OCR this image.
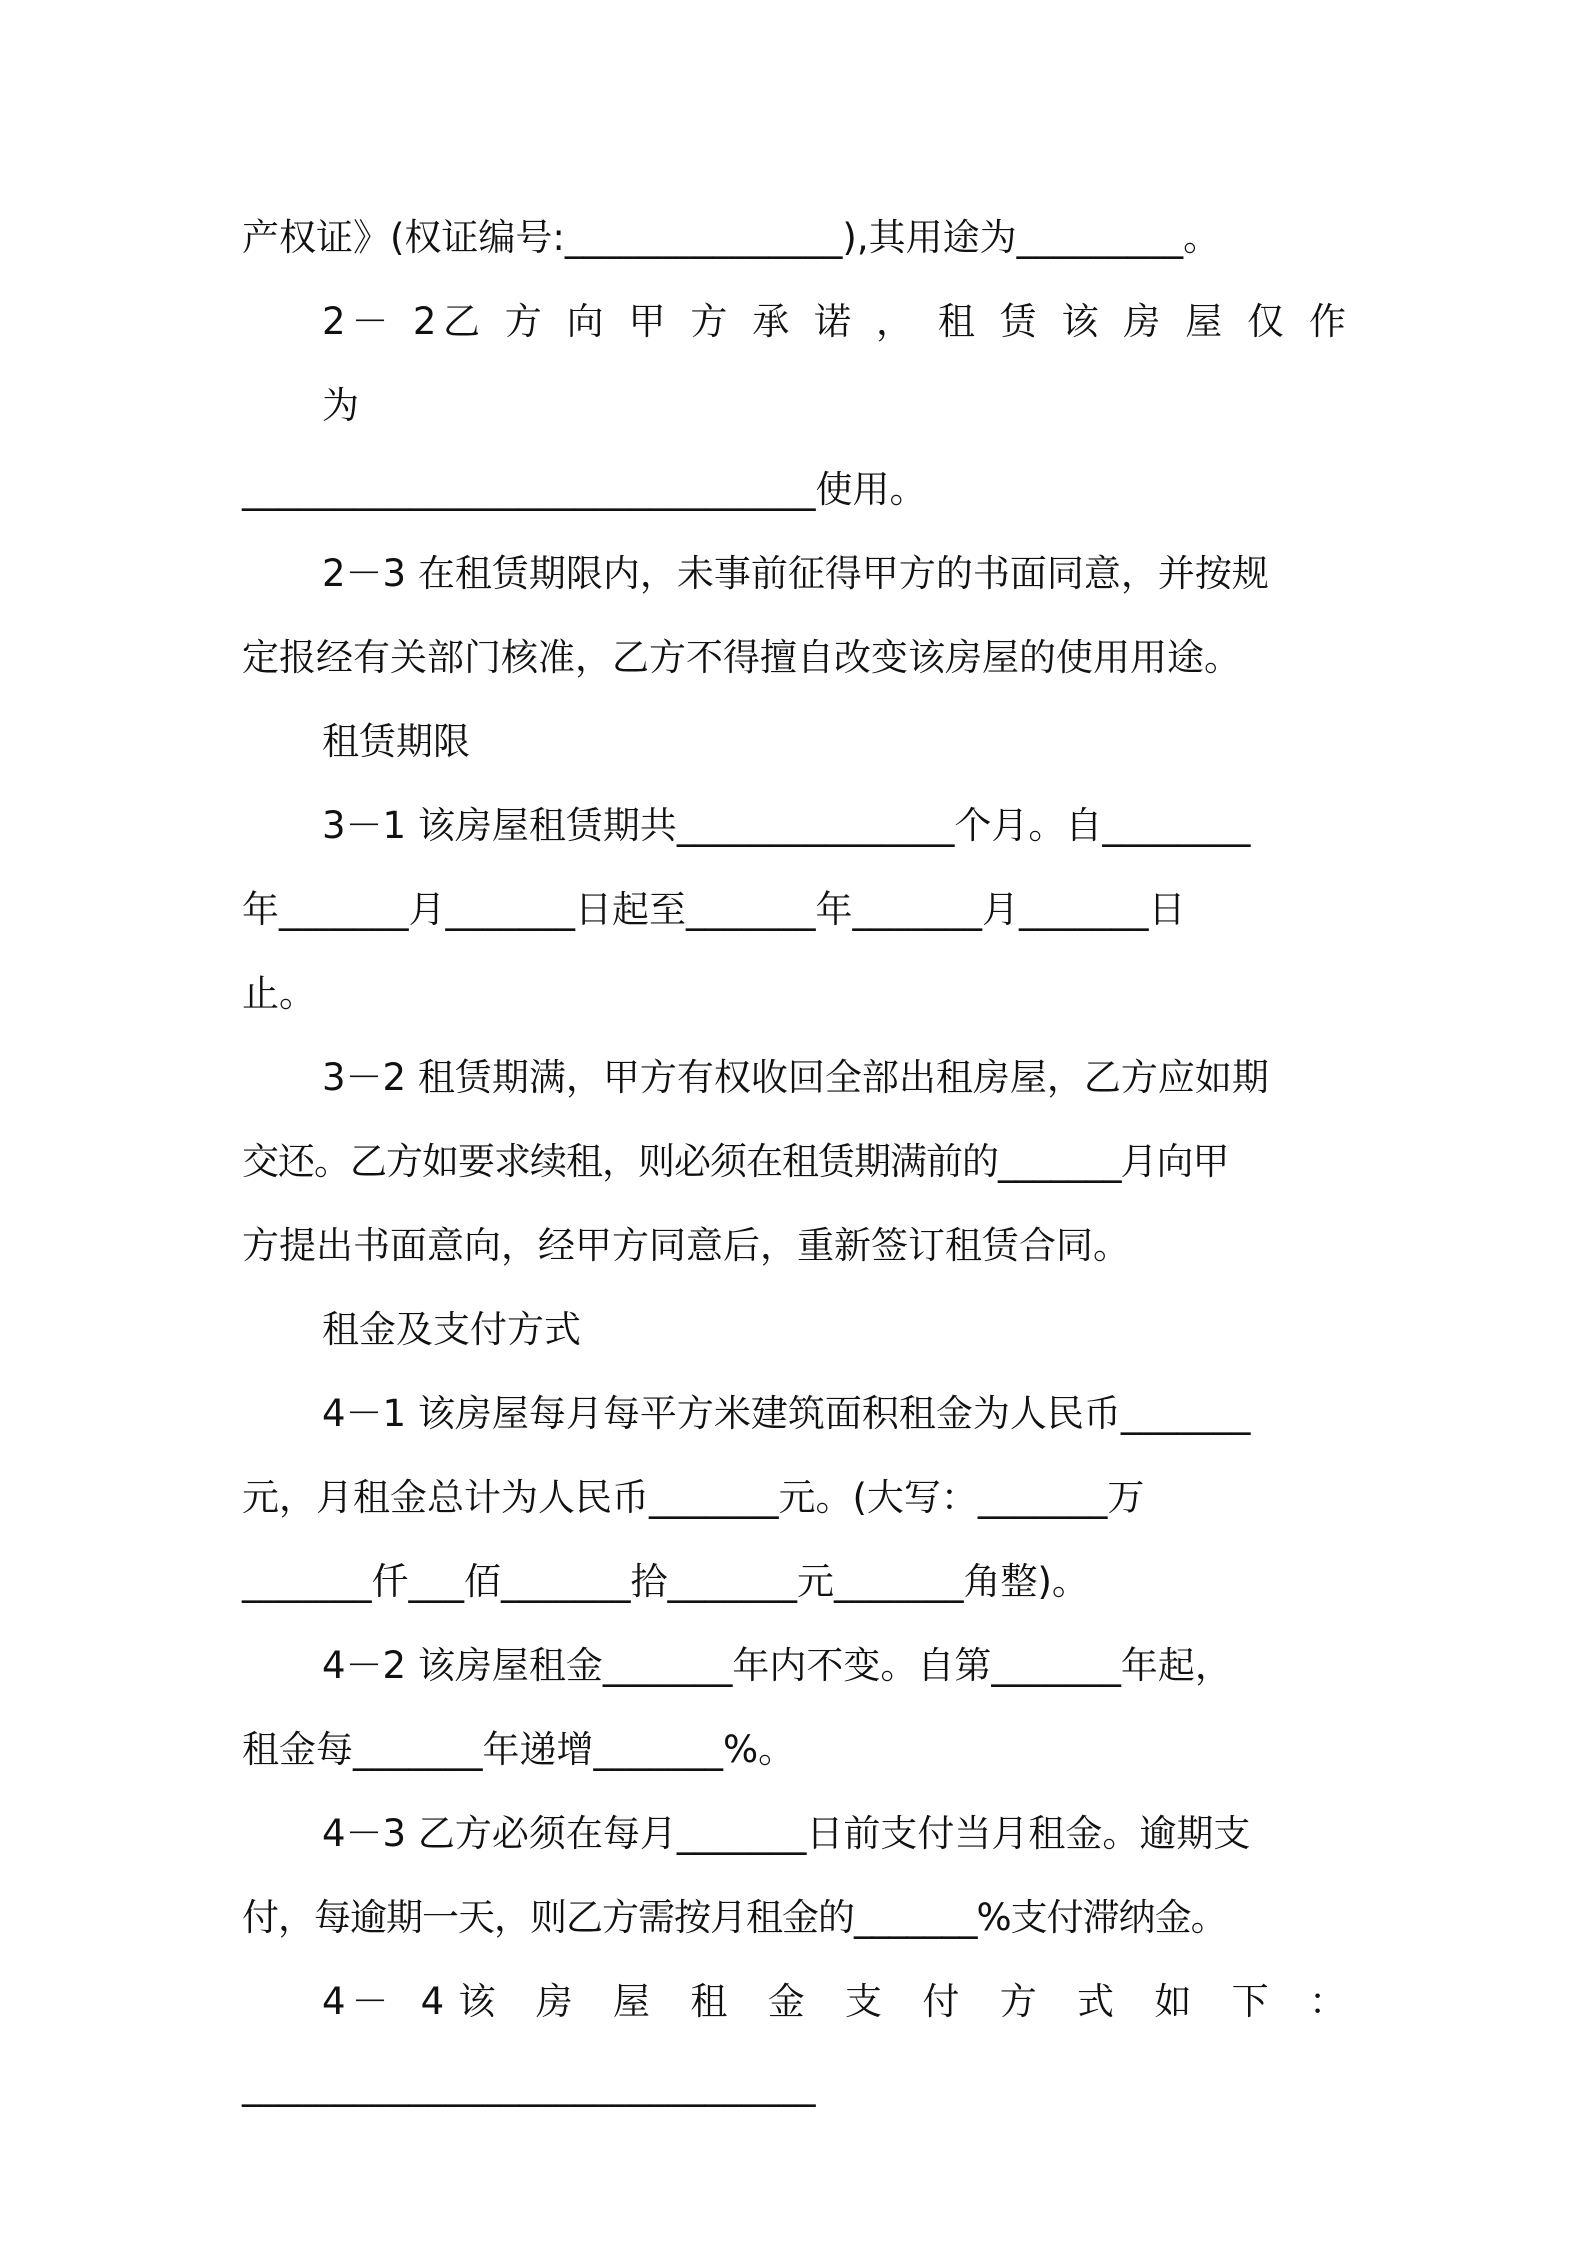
产权证》(权证编号:_______________),其用途为_________。

2－ 2乙 方 向 甲 方 承 诺 ， 租 赁 该 房 屋 仅 作 为

_______________________________使用。

2－3 在租赁期限内，未事前征得甲方的书面同意，并按规

定报经有关部门核准，乙方不得擅自改变该房屋的使用用途。

租赁期限

3－1 该房屋租赁期共_______________个月。自________

年_______月_______日起至_______年_______月_______日

止。

3－2 租赁期满，甲方有权收回全部出租房屋，乙方应如期

交还。乙方如要求续租，则必须在租赁期满前的_______月向甲

方提出书面意向，经甲方同意后，重新签订租赁合同。

租金及支付方式

4－1 该房屋每月每平方米建筑面积租金为人民币_______

元，月租金总计为人民币_______元。(大写：_______万

_______仟___佰_______拾_______元_______角整)。

4－2 该房屋租金_______年内不变。自第_______年起，

租金每_______年递增_______%。

4－3 乙方必须在每月_______日前支付当月租金。逾期支

付，每逾期一天，则乙方需按月租金的_______%支付滞纳金。

4－ 4该 房 屋 租 金 支 付 方 式 如 下 ：

_______________________________
